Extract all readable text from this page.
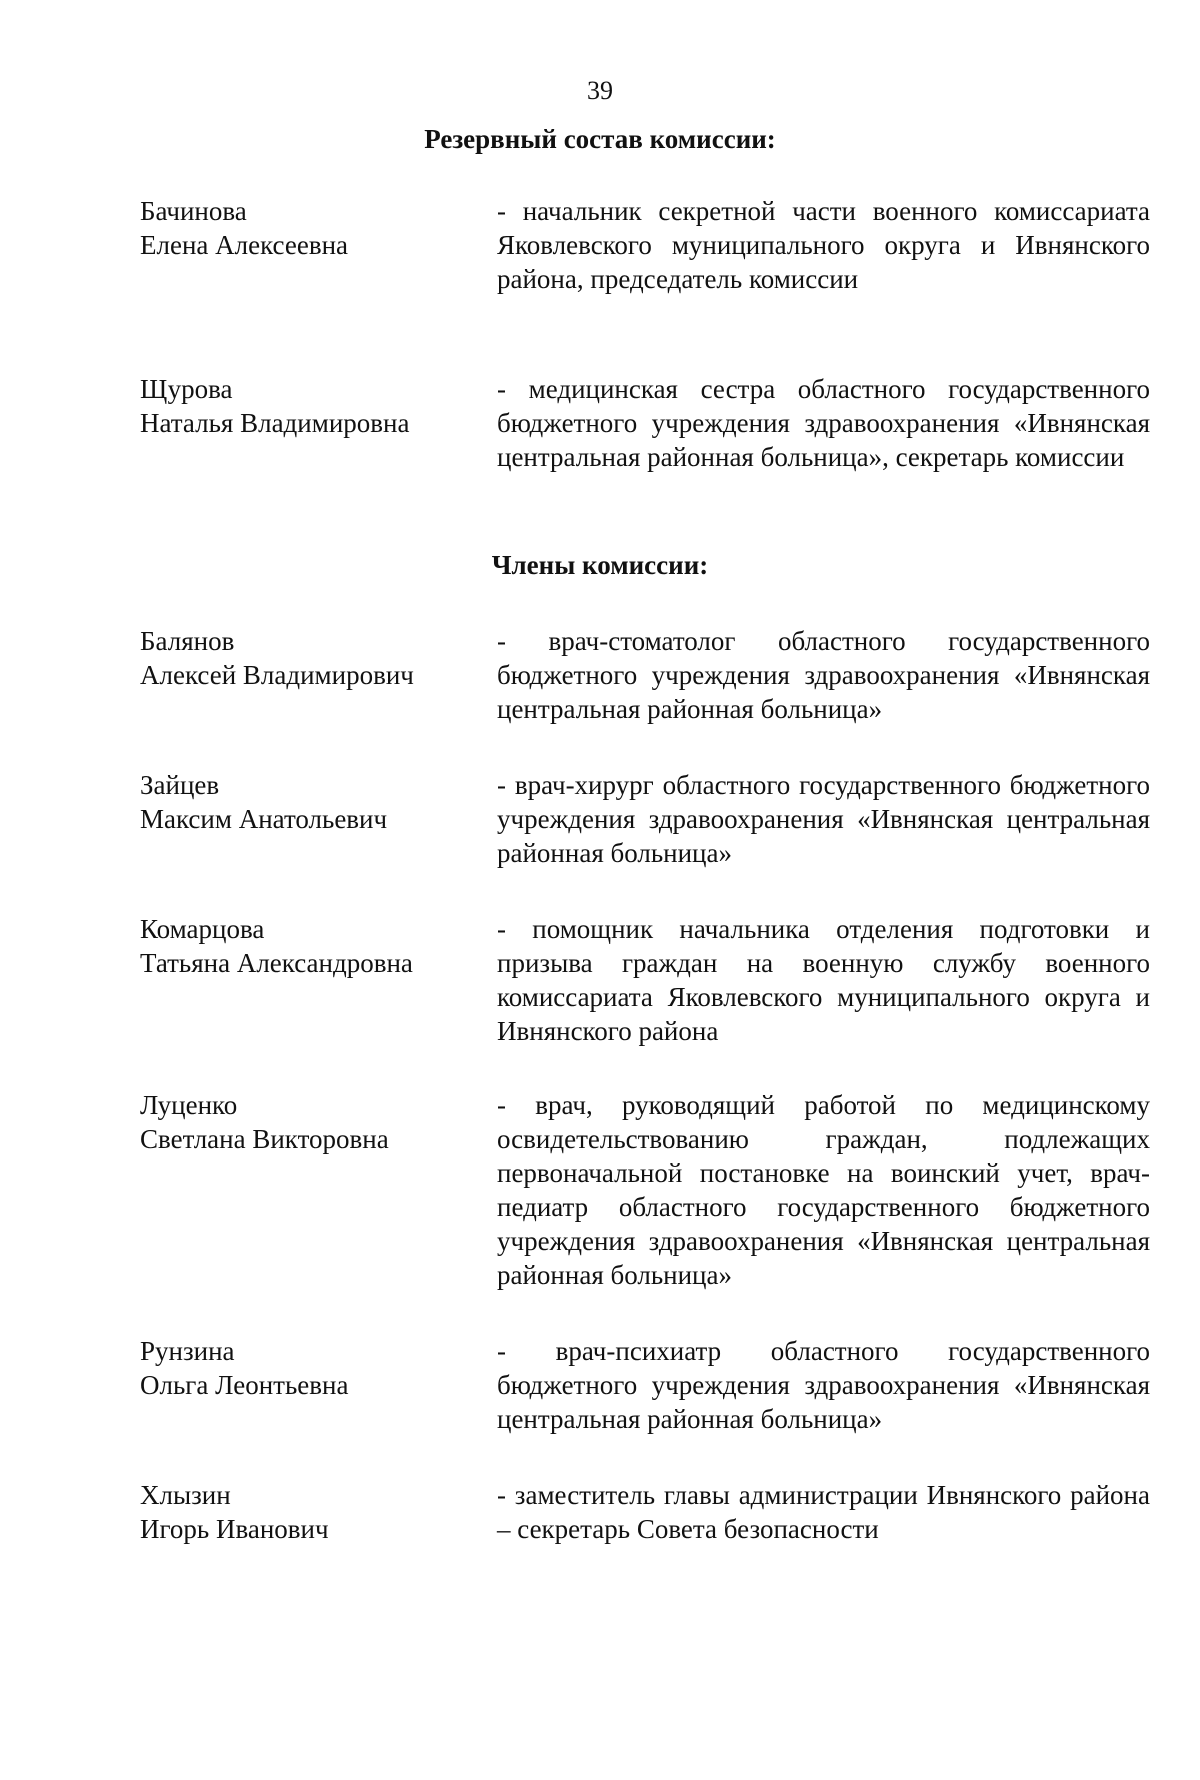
39
Резервный состав комиссии:
Бачинова
Елена Алексеевна
- начальник секретной части военного комиссариата Яковлевского муниципального округа и Ивнянского района, председатель комиссии
Щурова
Наталья Владимировна
- медицинская сестра областного государственного бюджетного учреждения здравоохранения «Ивнянская центральная районная больница», секретарь комиссии
Члены комиссии:
Балянов
Алексей Владимирович
- врач-стоматолог областного государственного бюджетного учреждения здравоохранения «Ивнянская центральная районная больница»
Зайцев
Максим Анатольевич
- врач-хирург областного государственного бюджетного учреждения здравоохранения «Ивнянская центральная районная больница»
Комарцова
Татьяна Александровна
- помощник начальника отделения подготовки и призыва граждан на военную службу военного комиссариата Яковлевского муниципального округа и Ивнянского района
Луценко
Светлана Викторовна
- врач, руководящий работой по медицинскому освидетельствованию граждан, подлежащих первоначальной постановке на воинский учет, врач-педиатр областного государственного бюджетного учреждения здравоохранения «Ивнянская центральная районная больница»
Рунзина
Ольга Леонтьевна
- врач-психиатр областного государственного бюджетного учреждения здравоохранения «Ивнянская центральная районная больница»
Хлызин
Игорь Иванович
- заместитель главы администрации Ивнянского района – секретарь Совета безопасности
